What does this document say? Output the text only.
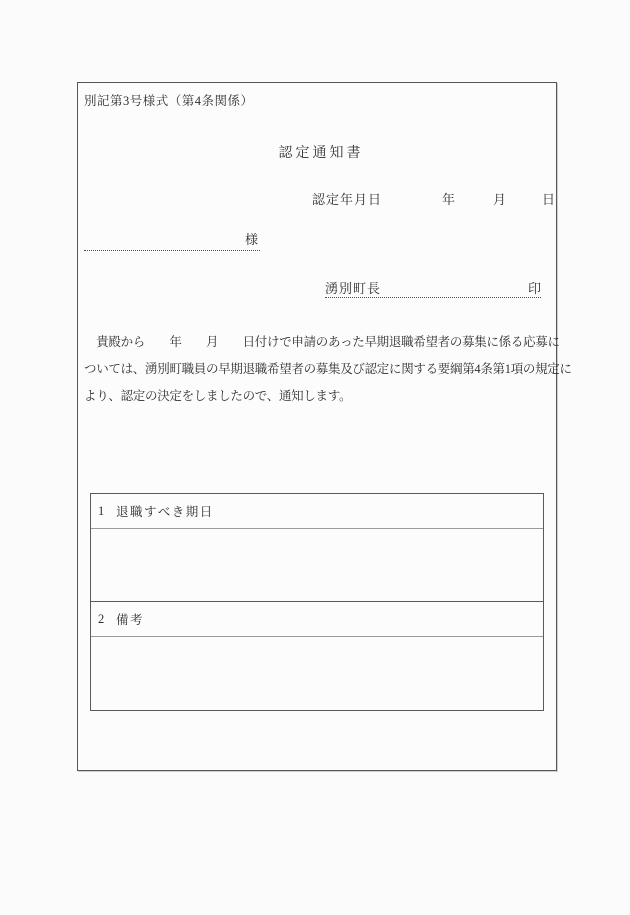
別記第3号様式（第4条関係）
認定通知書
認定年月日	年	月	日
様
湧別町長	印
　貴殿から　　年　　月　　日付けで申請のあった早期退職希望者の募集に係る応募に
ついては、湧別町職員の早期退職希望者の募集及び認定に関する要綱第4条第1項の規定に
より、認定の決定をしましたので、通知します。
1 退職すべき期日
2 備考
